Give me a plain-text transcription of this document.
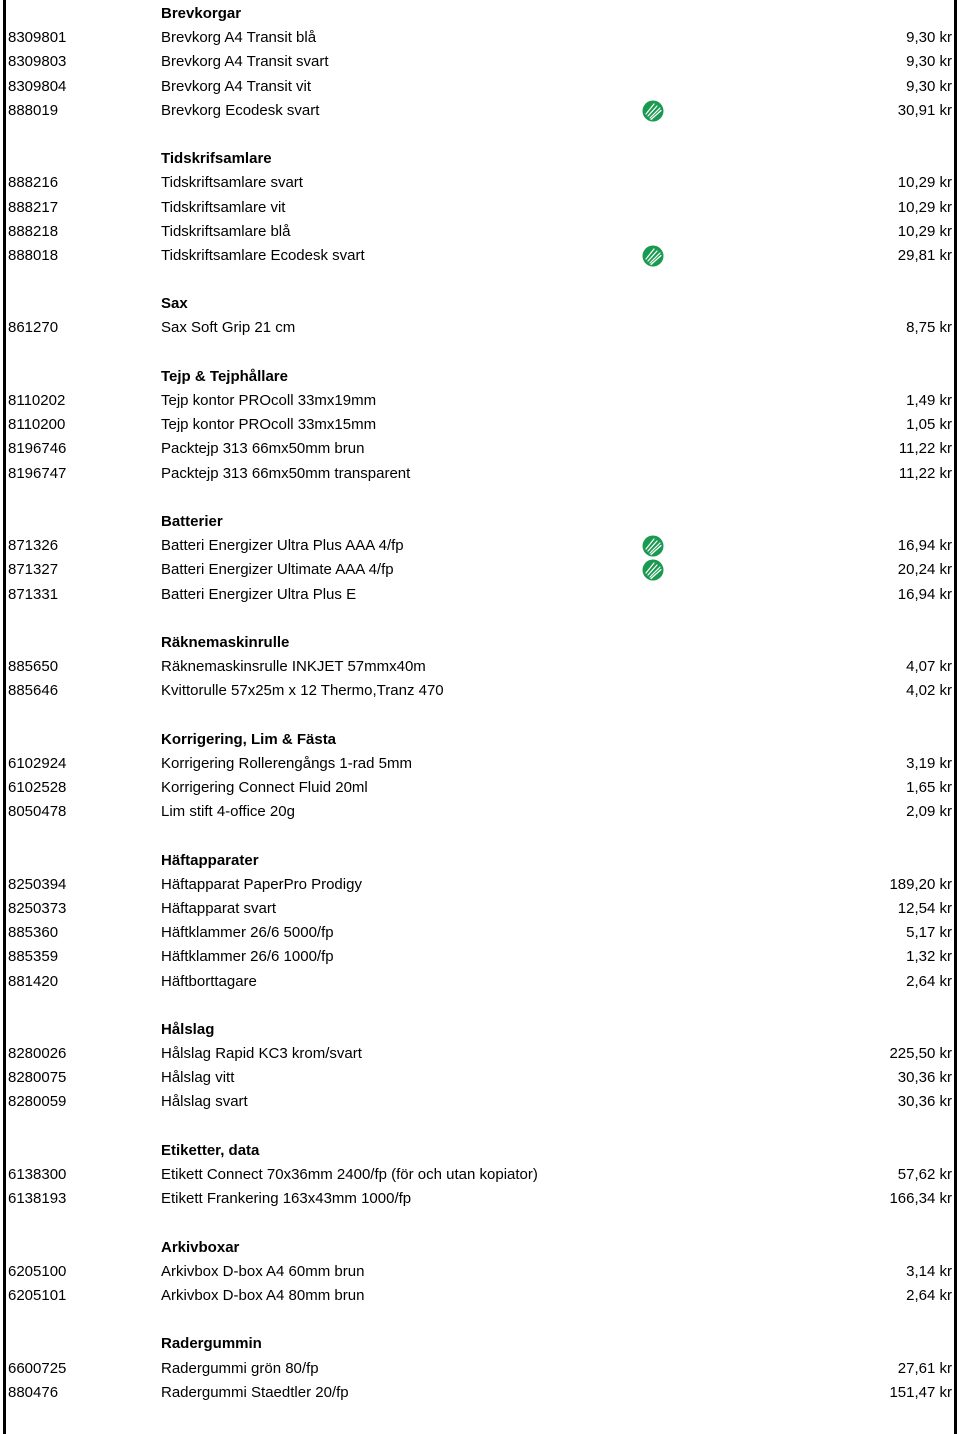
Brevkorgar
8309801	Brevkorg A4 Transit blå	9,30 kr
8309803	Brevkorg A4 Transit svart	9,30 kr
8309804	Brevkorg A4 Transit vit	9,30 kr
888019	Brevkorg Ecodesk svart	30,91 kr
Tidskrifsamlare
888216	Tidskriftsamlare svart	10,29 kr
888217	Tidskriftsamlare vit	10,29 kr
888218	Tidskriftsamlare blå	10,29 kr
888018	Tidskriftsamlare Ecodesk svart	29,81 kr
Sax
861270	Sax Soft Grip 21 cm	8,75 kr
Tejp & Tejphållare
8110202	Tejp kontor PROcoll 33mx19mm	1,49 kr
8110200	Tejp kontor PROcoll 33mx15mm	1,05 kr
8196746	Packtejp 313 66mx50mm brun	11,22 kr
8196747	Packtejp 313 66mx50mm transparent	11,22 kr
Batterier
871326	Batteri Energizer Ultra Plus AAA 4/fp	16,94 kr
871327	Batteri Energizer Ultimate AAA 4/fp	20,24 kr
871331	Batteri Energizer Ultra Plus E	16,94 kr
Räknemaskinrulle
885650	Räknemaskinsrulle INKJET 57mmx40m	4,07 kr
885646	Kvittorulle 57x25m x 12 Thermo,Tranz 470	4,02 kr
Korrigering, Lim & Fästa
6102924	Korrigering Rollerengångs 1-rad 5mm	3,19 kr
6102528	Korrigering Connect Fluid 20ml	1,65 kr
8050478	Lim stift 4-office 20g	2,09 kr
Häftapparater
8250394	Häftapparat PaperPro Prodigy	189,20 kr
8250373	Häftapparat svart	12,54 kr
885360	Häftklammer 26/6 5000/fp	5,17 kr
885359	Häftklammer 26/6 1000/fp	1,32 kr
881420	Häftborttagare	2,64 kr
Hålslag
8280026	Hålslag Rapid KC3 krom/svart	225,50 kr
8280075	Hålslag vitt	30,36 kr
8280059	Hålslag svart	30,36 kr
Etiketter, data
6138300	Etikett Connect 70x36mm 2400/fp (för och utan kopiator)	57,62 kr
6138193	Etikett Frankering 163x43mm 1000/fp	166,34 kr
Arkivboxar
6205100	Arkivbox D-box A4 60mm brun	3,14 kr
6205101	Arkivbox D-box A4 80mm brun	2,64 kr
Radergummin
6600725	Radergummi grön 80/fp	27,61 kr
880476	Radergummi Staedtler 20/fp	151,47 kr
